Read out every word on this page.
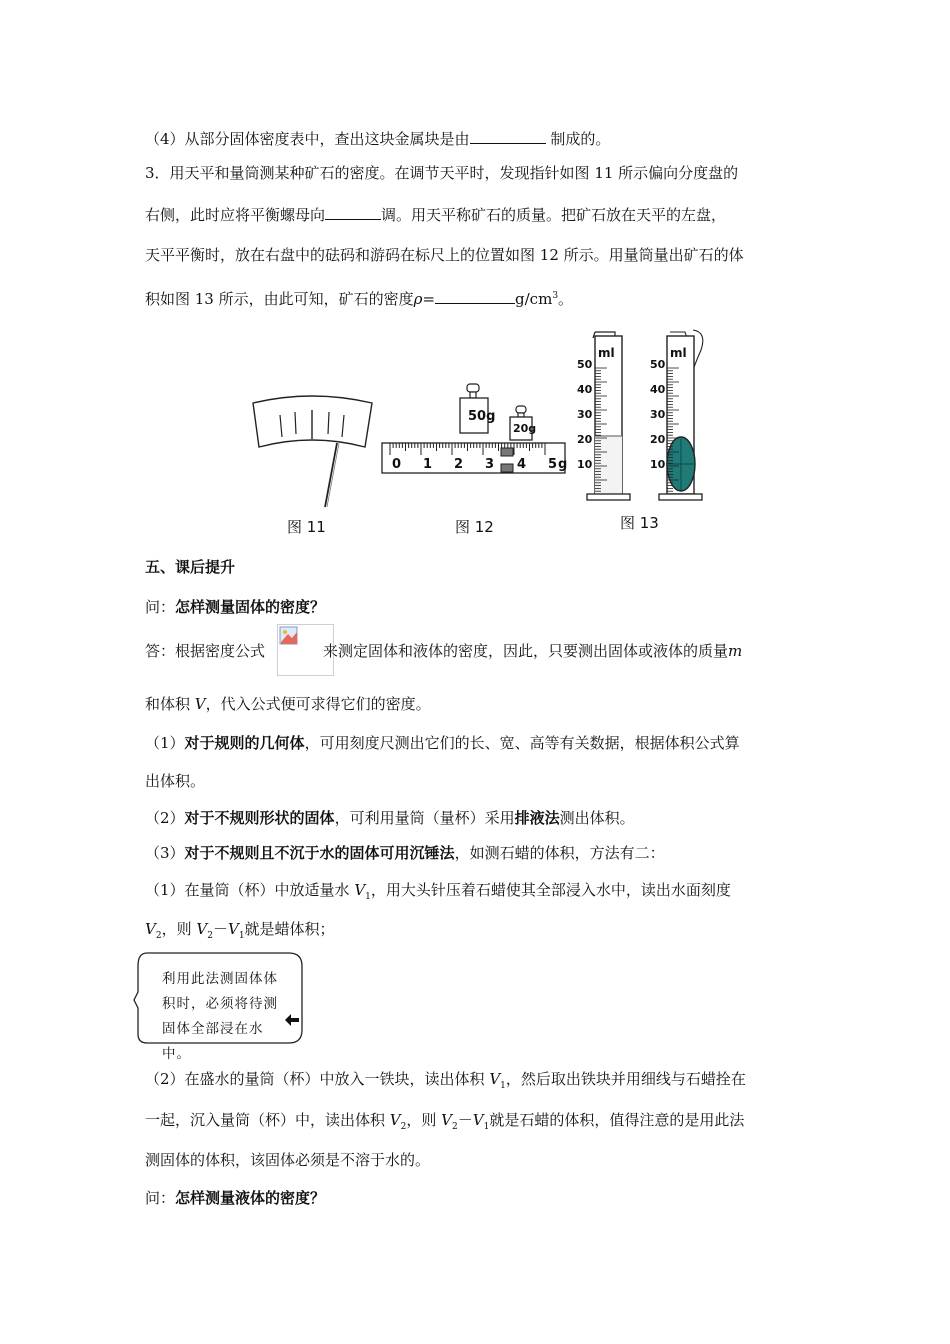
（4）从部分固体密度表中，查出这块金属块是由	制成的。
3．用天平和量筒测某种矿石的密度。在调节天平时，发现指针如图 11 所示偏向分度盘的
右侧，此时应将平衡螺母向	调。用天平称矿石的质量。把矿石放在天平的左盘，
天平平衡时，放在右盘中的砝码和游码在标尺上的位置如图 12 所示。用量筒量出矿石的体
积如图 13 所示，由此可知，矿石的密度ρ=	$g/cm^3$。
图 11
50g
20g
0 1 2 3 4 5 g
图 12
ml	ml
50
40
30
20
10
50
40
30
20
10
图 13
五、课后提升
问：怎样测量固体的密度？
答：根据密度公式	来测定固体和液体的密度，因此，只要测出固体或液体的质量m
和体积 V，代入公式便可求得它们的密度。
（1）对于规则的几何体，可用刻度尺测出它们的长、宽、高等有关数据，根据体积公式算
出体积。
（2）对于不规则形状的固体，可利用量筒（量杯）采用排液法测出体积。
（3）对于不规则且不沉于水的固体可用沉锤法，如测石蜡的体积，方法有二：
（1）在量筒（杯）中放适量水 $V_1$，用大头针压着石蜡使其全部浸入水中，读出水面刻度
$V_2$，则 $V_2-V_1$就是蜡体积；
利用此法测固体体积时，必须将待测固体全部浸在水中。
（2）在盛水的量筒（杯）中放入一铁块，读出体积 $V_1$，然后取出铁块并用细线与石蜡拴在
一起，沉入量筒（杯）中，读出体积 $V_2$，则 $V_2-V_1$就是石蜡的体积，值得注意的是用此法
测固体的体积，该固体必须是不溶于水的。
问：怎样测量液体的密度？
